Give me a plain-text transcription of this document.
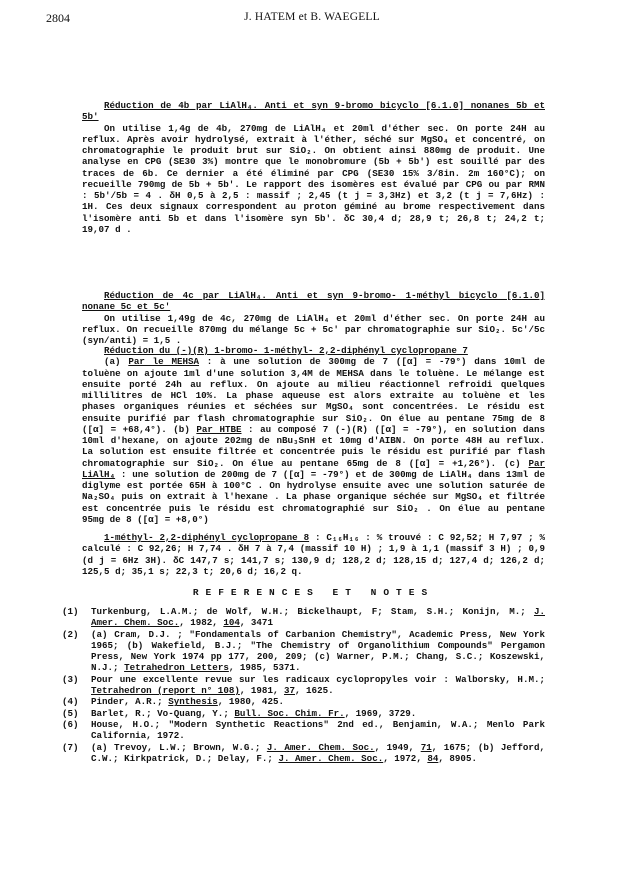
2804	J. HATEM et B. WAEGELL

Réduction de 4b par LiAlH₄. Anti et syn 9-bromo bicyclo [6.1.0] nonanes 5b et 5b'

On utilise 1,4g de 4b, 270mg de LiAlH₄ et 20ml d'éther sec. On porte 24H au reflux. Après avoir hydrolysé, extrait à l'éther, séché sur MgSO₄ et concentré, on chromatographie le produit brut sur SiO₂. On obtient ainsi 880mg de produit. Une analyse en CPG (SE30 3%) montre que le monobromure (5b + 5b') est souillé par des traces de 6b. Ce dernier a été éliminé par CPG (SE30 15% 3/8in. 2m 160°C); on recueille 790mg de 5b + 5b'. Le rapport des isomères est évalué par CPG ou par RMN : 5b'/5b = 4 . δH 0,5 à 2,5 : massif ; 2,45 (t j = 3,3Hz) et 3,2 (t j = 7,6Hz) : 1H. Ces deux signaux correspondent au proton géminé au brome respectivement dans l'isomère anti 5b et dans l'isomère syn 5b'. δC 30,4 d; 28,9 t; 26,8 t; 24,2 t; 19,07 d .

Réduction de 4c par LiAlH₄. Anti et syn 9-bromo- 1-méthyl bicyclo [6.1.0] nonane 5c et 5c'

On utilise 1,49g de 4c, 270mg de LiAlH₄ et 20ml d'éther sec. On porte 24H au reflux. On recueille 870mg du mélange 5c + 5c' par chromatographie sur SiO₂. 5c'/5c (syn/anti) = 1,5 .

Réduction du (-)(R) 1-bromo- 1-méthyl- 2,2-diphényl cyclopropane 7

(a) Par le MEHSA : à une solution de 300mg de 7 ([α] = -79°) dans 10ml de toluène on ajoute 1ml d'une solution 3,4M de MEHSA dans le toluène. Le mélange est ensuite porté 24h au reflux. On ajoute au milieu réactionnel refroidi quelques millilitres de HCl 10%. La phase aqueuse est alors extraite au toluène et les phases organiques réunies et séchées sur MgSO₄ sont concentrées. Le résidu est ensuite purifié par flash chromatographie sur SiO₂. On élue au pentane 75mg de 8 ([α] = +68,4°). (b) Par HTBE : au composé 7 (-)(R) ([α] = -79°), en solution dans 10ml d'hexane, on ajoute 202mg de nBu₃SnH et 10mg d'AIBN. On porte 48H au reflux. La solution est ensuite filtrée et concentrée puis le résidu est purifié par flash chromatographie sur SiO₂. On élue au pentane 65mg de 8 ([α] = +1,26°). (c) Par LiAlH₄ : une solution de 200mg de 7 ([α] = -79°) et de 300mg de LiAlH₄ dans 13ml de diglyme est portée 65H à 100°C . On hydrolyse ensuite avec une solution saturée de Na₂SO₄ puis on extrait à l'hexane . La phase organique séchée sur MgSO₄ et filtrée est concentrée puis le résidu est chromatographié sur SiO₂ . On élue au pentane 95mg de 8 ([α] = +8,0°)

1-méthyl- 2,2-diphényl cyclopropane 8 : C₁₆H₁₆ : % trouvé : C 92,52; H 7,97 ; % calculé : C 92,26; H 7,74 . δH 7 à 7,4 (massif 10 H) ; 1,9 à 1,1 (massif 3 H) ; 0,9 (d j = 6Hz 3H). δC 147,7 s; 141,7 s; 130,9 d; 128,2 d; 128,15 d; 127,4 d; 126,2 d; 125,5 d; 35,1 s; 22,3 t; 20,6 d; 16,2 q.

REFERENCES ET NOTES

(1) Turkenburg, L.A.M.; de Wolf, W.H.; Bickelhaupt, F; Stam, S.H.; Konijn, M.; J. Amer. Chem. Soc., 1982, 104, 3471

(2) (a) Cram, D.J. ; "Fondamentals of Carbanion Chemistry", Academic Press, New York 1965; (b) Wakefield, B.J.; "The Chemistry of Organolithium Compounds" Pergamon Press, New York 1974 pp 177, 200, 209; (c) Warner, P.M.; Chang, S.C.; Koszewski, N.J.; Tetrahedron Letters, 1985, 5371.

(3) Pour une excellente revue sur les radicaux cyclopropyles voir : Walborsky, H.M.; Tetrahedron (report n° 108), 1981, 37, 1625.

(4) Pinder, A.R.; Synthesis, 1980, 425.

(5) Barlet, R.; Vo-Quang, Y.; Bull. Soc. Chim. Fr., 1969, 3729.

(6) House, H.O.; "Modern Synthetic Reactions" 2nd ed., Benjamin, W.A.; Menlo Park California, 1972.

(7) (a) Trevoy, L.W.; Brown, W.G.; J. Amer. Chem. Soc., 1949, 71, 1675; (b) Jefford, C.W.; Kirkpatrick, D.; Delay, F.; J. Amer. Chem. Soc., 1972, 84, 8905.
